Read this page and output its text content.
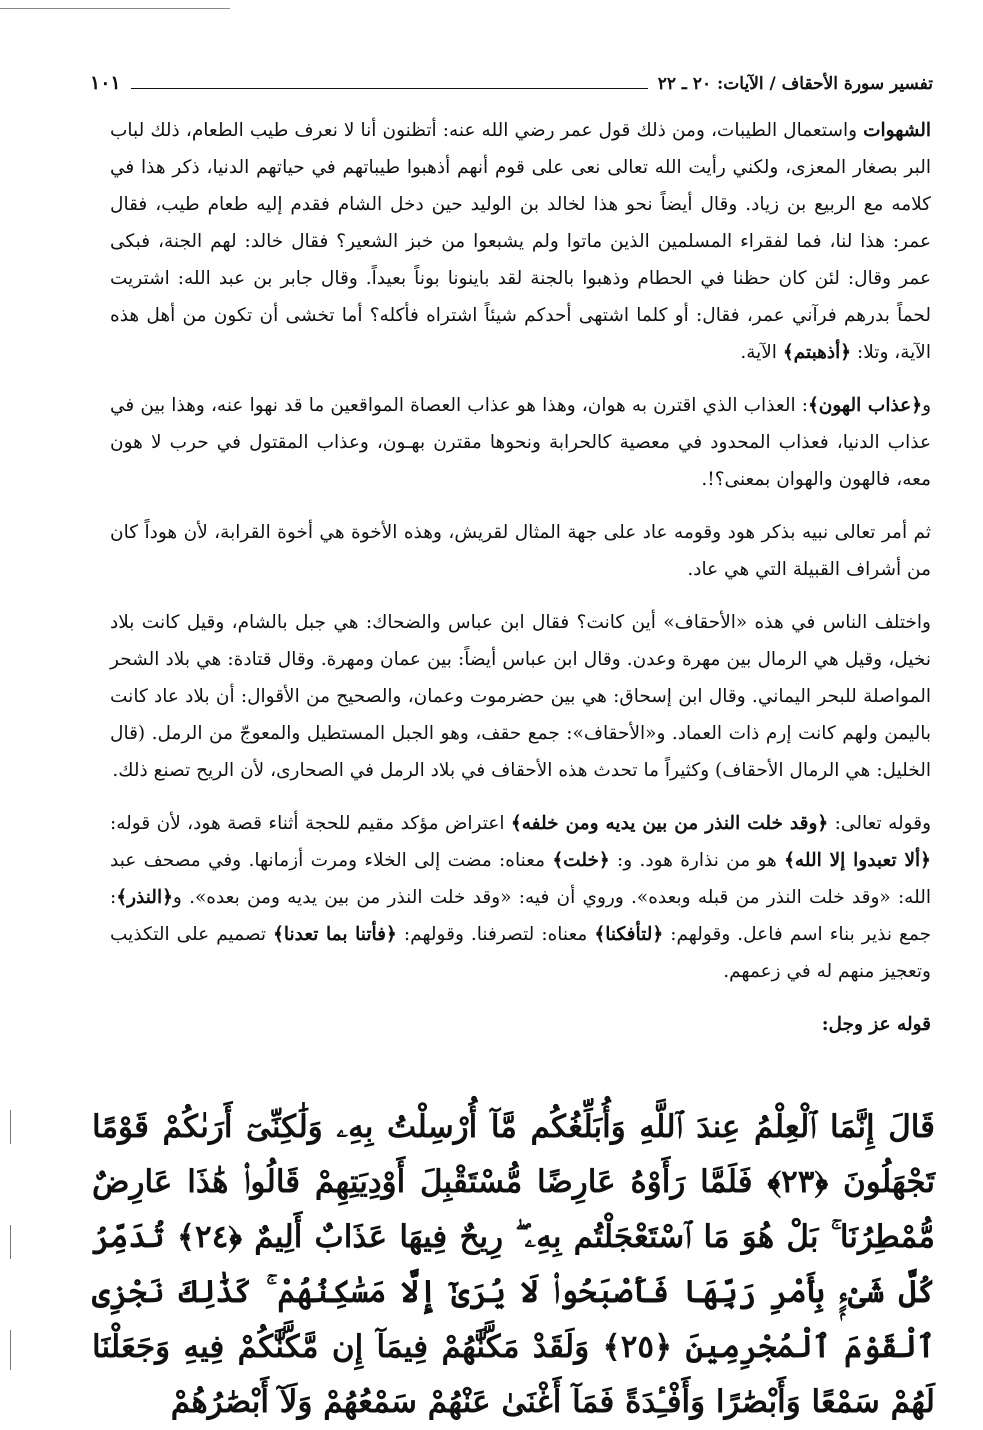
تفسير سورة الأحقاف / الآيات: ٢٠ ـ ٢٢
١٠١
الشهوات واستعمال الطيبات، ومن ذلك قول عمر رضي الله عنه: أتظنون أنا لا نعرف طيب الطعام، ذلك لباب البر بصغار المعزى، ولكني رأيت الله تعالى نعى على قوم أنهم أذهبوا طيباتهم في حياتهم الدنيا، ذكر هذا في كلامه مع الربيع بن زياد. وقال أيضاً نحو هذا لخالد بن الوليد حين دخل الشام فقدم إليه طعام طيب، فقال عمر: هذا لنا، فما لفقراء المسلمين الذين ماتوا ولم يشبعوا من خبز الشعير؟ فقال خالد: لهم الجنة، فبكى عمر وقال: لئن كان حظنا في الحطام وذهبوا بالجنة لقد باينونا بوناً بعيداً. وقال جابر بن عبد الله: اشتريت لحماً بدرهم فرآني عمر، فقال: أو كلما اشتهى أحدكم شيئاً اشتراه فأكله؟ أما تخشى أن تكون من أهل هذه الآية، وتلا: ﴿أذهبتم﴾ الآية.
و﴿عذاب الهون﴾: العذاب الذي اقترن به هوان، وهذا هو عذاب العصاة المواقعين ما قد نهوا عنه، وهذا بين في عذاب الدنيا، فعذاب المحدود في معصية كالحرابة ونحوها مقترن بهـون، وعذاب المقتول في حرب لا هون معه، فالهون والهوان بمعنى؟!.
ثم أمر تعالى نبيه بذكر هود وقومه عاد على جهة المثال لقريش، وهذه الأخوة هي أخوة القرابة، لأن هوداً كان من أشراف القبيلة التي هي عاد.
واختلف الناس في هذه «الأحقاف» أين كانت؟ فقال ابن عباس والضحاك: هي جبل بالشام، وقيل كانت بلاد نخيل، وقيل هي الرمال بين مهرة وعدن. وقال ابن عباس أيضاً: بين عمان ومهرة. وقال قتادة: هي بلاد الشحر المواصلة للبحر اليماني. وقال ابن إسحاق: هي بين حضرموت وعمان، والصحيح من الأقوال: أن بلاد عاد كانت باليمن ولهم كانت إرم ذات العماد. و«الأحقاف»: جمع حقف، وهو الجبل المستطيل والمعوجّ من الرمل. (قال الخليل: هي الرمال الأحقاف) وكثيراً ما تحدث هذه الأحقاف في بلاد الرمل في الصحارى، لأن الريح تصنع ذلك.
وقوله تعالى: ﴿وقد خلت النذر من بين يديه ومن خلفه﴾ اعتراض مؤكد مقيم للحجة أثناء قصة هود، لأن قوله: ﴿ألا تعبدوا إلا الله﴾ هو من نذارة هود. و: ﴿خلت﴾ معناه: مضت إلى الخلاء ومرت أزمانها. وفي مصحف عبد الله: «وقد خلت النذر من قبله وبعده». وروي أن فيه: «وقد خلت النذر من بين يديه ومن بعده». و﴿النذر﴾: جمع نذير بناء اسم فاعل. وقولهم: ﴿لتأفكنا﴾ معناه: لتصرفنا. وقولهم: ﴿فأتنا بما تعدنا﴾ تصميم على التكذيب وتعجيز منهم له في زعمهم.
قوله عز وجل:
قَالَ إِنَّمَا ٱلْعِلْمُ عِندَ ٱللَّهِ وَأُبَلِّغُكُم مَّآ أُرْسِلْتُ بِهِۦ وَلَٰكِنِّىٓ أَرَىٰكُمْ قَوْمًا تَجْهَلُونَ ﴿٢٣﴾ فَلَمَّا رَأَوْهُ عَارِضًا مُّسْتَقْبِلَ أَوْدِيَتِهِمْ قَالُوا۟ هَٰذَا عَارِضٌ مُّمْطِرُنَا ۚ بَلْ هُوَ مَا ٱسْتَعْجَلْتُم بِهِۦ ۖ رِيحٌ فِيهَا عَذَابٌ أَلِيمٌ ﴿٢٤﴾ تُدَمِّرُ كُلَّ شَىْءٍۭ بِأَمْرِ رَبِّهَا فَأَصْبَحُوا۟ لَا يُرَىٰٓ إِلَّا مَسَٰكِنُهُمْ ۚ كَذَٰلِكَ نَجْزِى ٱلْقَوْمَ ٱلْمُجْرِمِينَ ﴿٢٥﴾ وَلَقَدْ مَكَّنَّٰهُمْ فِيمَآ إِن مَّكَّنَّٰكُمْ فِيهِ وَجَعَلْنَا لَهُمْ سَمْعًا وَأَبْصَٰرًا وَأَفْـِٔدَةً فَمَآ أَغْنَىٰ عَنْهُمْ سَمْعُهُمْ وَلَآ أَبْصَٰرُهُمْ
